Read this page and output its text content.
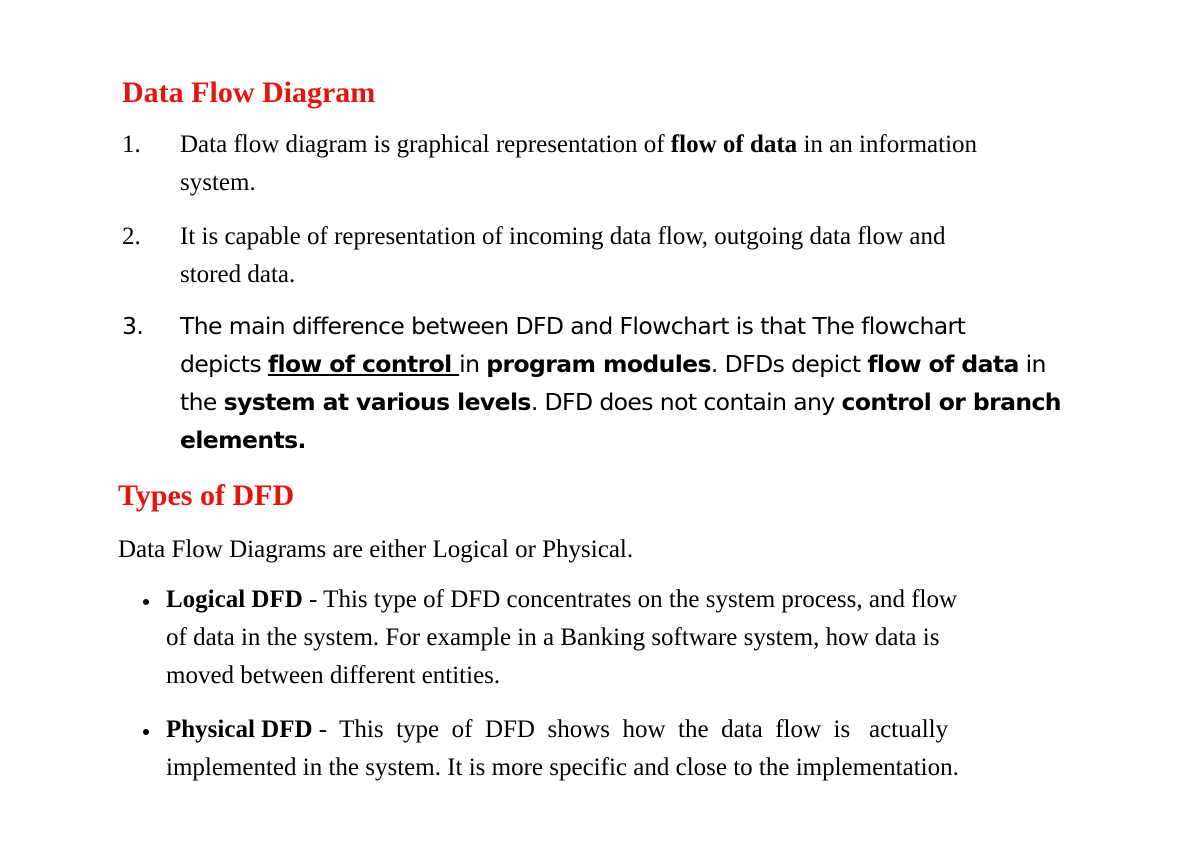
Data Flow Diagram
1. Data flow diagram is graphical representation of flow of data in an information
system.
2. It is capable of representation of incoming data flow, outgoing data flow and
stored data.
3. The main difference between DFD and Flowchart is that The flowchart
depicts flow of control in program modules. DFDs depict flow of data in
the system at various levels. DFD does not contain any control or branch
elements.
Types of DFD
Data Flow Diagrams are either Logical or Physical.
Logical DFD - This type of DFD concentrates on the system process, and flow
of data in the system. For example in a Banking software system, how data is
moved between different entities.
Physical DFD -  This  type  of  DFD  shows  how  the  data  flow  is   actually
implemented in the system. It is more specific and close to the implementation.
